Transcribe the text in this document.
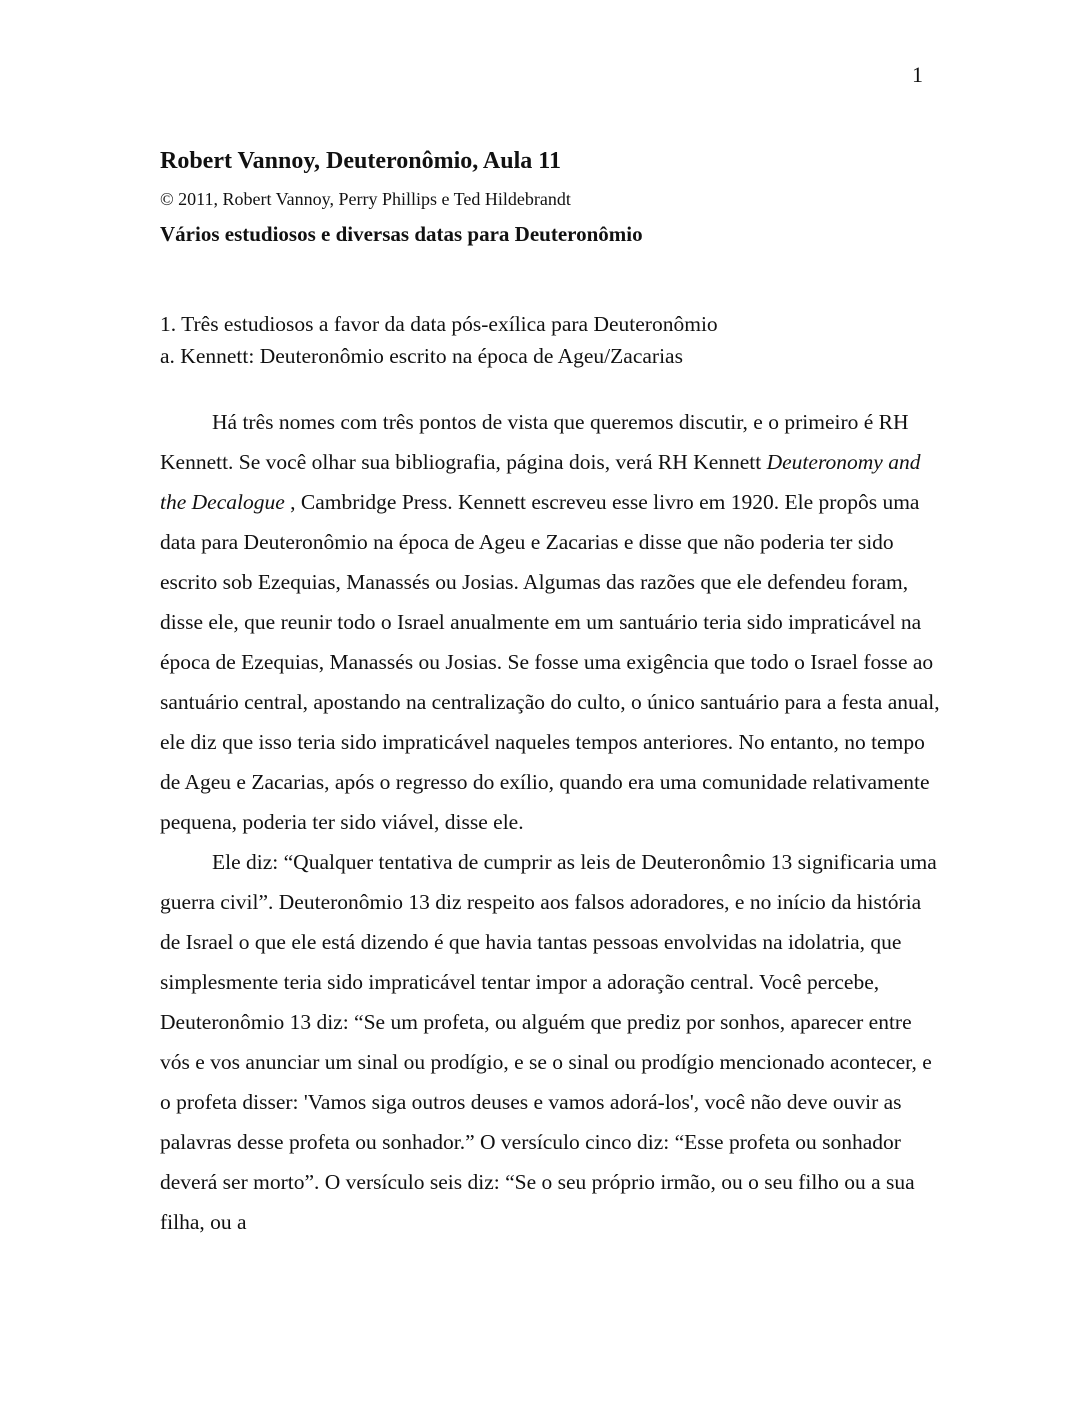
1
Robert Vannoy, Deuteronômio, Aula 11
© 2011, Robert Vannoy, Perry Phillips e Ted Hildebrandt
Vários estudiosos e diversas datas para Deuteronômio
1. Três estudiosos a favor da data pós-exílica para Deuteronômio
a. Kennett: Deuteronômio escrito na época de Ageu/Zacarias

Há três nomes com três pontos de vista que queremos discutir, e o primeiro é RH Kennett. Se você olhar sua bibliografia, página dois, verá RH Kennett Deuteronomy and the Decalogue , Cambridge Press. Kennett escreveu esse livro em 1920. Ele propôs uma data para Deuteronômio na época de Ageu e Zacarias e disse que não poderia ter sido escrito sob Ezequias, Manassés ou Josias. Algumas das razões que ele defendeu foram, disse ele, que reunir todo o Israel anualmente em um santuário teria sido impraticável na época de Ezequias, Manassés ou Josias. Se fosse uma exigência que todo o Israel fosse ao santuário central, apostando na centralização do culto, o único santuário para a festa anual, ele diz que isso teria sido impraticável naqueles tempos anteriores. No entanto, no tempo de Ageu e Zacarias, após o regresso do exílio, quando era uma comunidade relativamente pequena, poderia ter sido viável, disse ele.

Ele diz: “Qualquer tentativa de cumprir as leis de Deuteronômio 13 significaria uma guerra civil”. Deuteronômio 13 diz respeito aos falsos adoradores, e no início da história de Israel o que ele está dizendo é que havia tantas pessoas envolvidas na idolatria, que simplesmente teria sido impraticável tentar impor a adoração central. Você percebe, Deuteronômio 13 diz: “Se um profeta, ou alguém que prediz por sonhos, aparecer entre vós e vos anunciar um sinal ou prodígio, e se o sinal ou prodígio mencionado acontecer, e o profeta disser: 'Vamos siga outros deuses e vamos adorá-los', você não deve ouvir as palavras desse profeta ou sonhador.” O versículo cinco diz: “Esse profeta ou sonhador deverá ser morto”. O versículo seis diz: “Se o seu próprio irmão, ou o seu filho ou a sua filha, ou a
